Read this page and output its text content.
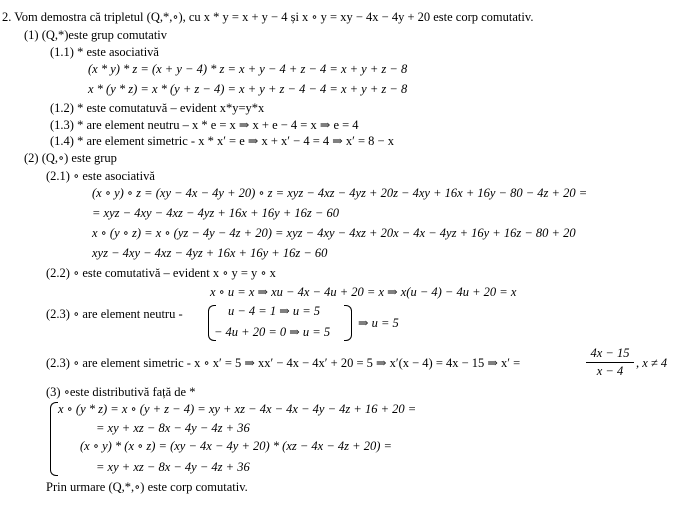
2. Vom demostra că tripletul (Q,*,∘), cu x * y = x + y − 4 și x ∘ y = xy − 4x − 4y + 20 este corp comutativ.
(1) (Q,*)este grup comutativ
(1.1) * este asociativă
(x * y) * z = (x + y − 4) * z = x + y − 4 + z − 4 = x + y + z − 8
x * (y * z) = x * (y + z − 4) = x + y + z − 4 − 4 = x + y + z − 8
(1.2) * este comutatuvă – evident x*y=y*x
(1.3) * are element neutru – x * e = x ⇒ x + e − 4 = x ⇒ e = 4
(1.4) * are element simetric - x * x′ = e ⇒ x + x′ − 4 = 4 ⇒ x′ = 8 − x
(2) (Q,∘) este grup
(2.1) ∘ este asociativă
(x ∘ y) ∘ z = (xy − 4x − 4y + 20) ∘ z = xyz − 4xz − 4yz + 20z − 4xy + 16x + 16y − 80 − 4z + 20 =
= xyz − 4xy − 4xz − 4yz + 16x + 16y + 16z − 60
x ∘ (y ∘ z) = x ∘ (yz − 4y − 4z + 20) = xyz − 4xy − 4xz + 20x − 4x − 4yz + 16y + 16z − 80 + 20
xyz − 4xy − 4xz − 4yz + 16x + 16y + 16z − 60
(2.2) ∘ este comutativă – evident x ∘ y = y ∘ x
x ∘ u = x ⇒ xu − 4x − 4u + 20 = x ⇒ x(u − 4) − 4u + 20 = x
(2.3) ∘ are element neutru -	u − 4 = 1 ⇒ u = 5
− 4u + 20 = 0 ⇒ u = 5
⇒ u = 5
(2.3) ∘ are element simetric - x ∘ x′ = 5 ⇒ xx′ − 4x − 4x′ + 20 = 5 ⇒ x′(x − 4) = 4x − 15 ⇒ x′ =
4x − 15
x − 4
, x ≠ 4
(3) ∘este distributivă față de *
x ∘ (y * z) = x ∘ (y + z − 4) = xy + xz − 4x − 4x − 4y − 4z + 16 + 20 =
= xy + xz − 8x − 4y − 4z + 36
(x ∘ y) * (x ∘ z) = (xy − 4x − 4y + 20) * (xz − 4x − 4z + 20) =
= xy + xz − 8x − 4y − 4z + 36
Prin urmare (Q,*,∘) este corp comutativ.
